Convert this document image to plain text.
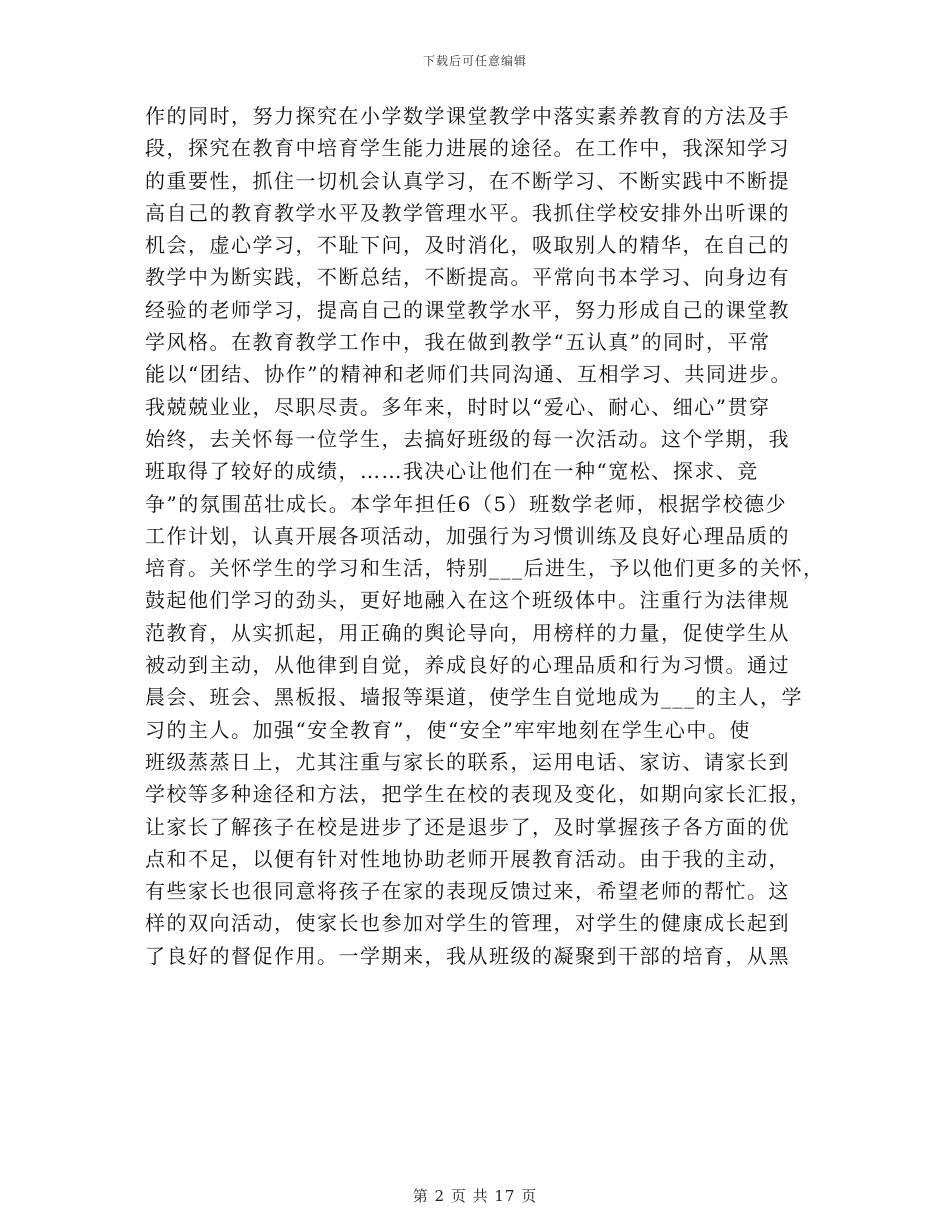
下载后可任意编辑
作的同时，努力探究在小学数学课堂教学中落实素养教育的方法及手
段，探究在教育中培育学生能力进展的途径。在工作中，我深知学习
的重要性，抓住一切机会认真学习，在不断学习、不断实践中不断提
高自己的教育教学水平及教学管理水平。我抓住学校安排外出听课的
机会，虚心学习，不耻下问，及时消化，吸取别人的精华，在自己的
教学中为断实践，不断总结，不断提高。平常向书本学习、向身边有
经验的老师学习，提高自己的课堂教学水平，努力形成自己的课堂教
学风格。在教育教学工作中，我在做到教学“五认真”的同时，平常
能以“团结、协作”的精神和老师们共同沟通、互相学习、共同进步。
我兢兢业业，尽职尽责。多年来，时时以“爱心、耐心、细心”贯穿
始终，去关怀每一位学生，去搞好班级的每一次活动。这个学期，我
班取得了较好的成绩，……我决心让他们在一种“宽松、探求、竞
争”的氛围茁壮成长。本学年担任6（5）班数学老师，根据学校德少
工作计划，认真开展各项活动，加强行为习惯训练及良好心理品质的
培育。关怀学生的学习和生活，特别___后进生，予以他们更多的关怀，
鼓起他们学习的劲头，更好地融入在这个班级体中。注重行为法律规
范教育，从实抓起，用正确的舆论导向，用榜样的力量，促使学生从
被动到主动，从他律到自觉，养成良好的心理品质和行为习惯。通过
晨会、班会、黑板报、墙报等渠道，使学生自觉地成为___的主人，学
习的主人。加强“安全教育”，使“安全”牢牢地刻在学生心中。使
班级蒸蒸日上，尤其注重与家长的联系，运用电话、家访、请家长到
学校等多种途径和方法，把学生在校的表现及变化，如期向家长汇报，
让家长了解孩子在校是进步了还是退步了，及时掌握孩子各方面的优
点和不足，以便有针对性地协助老师开展教育活动。由于我的主动，
有些家长也很同意将孩子在家的表现反馈过来，希望老师的帮忙。这
样的双向活动，使家长也参加对学生的管理，对学生的健康成长起到
了良好的督促作用。一学期来，我从班级的凝聚到干部的培育，从黑
第 2 页 共 17 页
